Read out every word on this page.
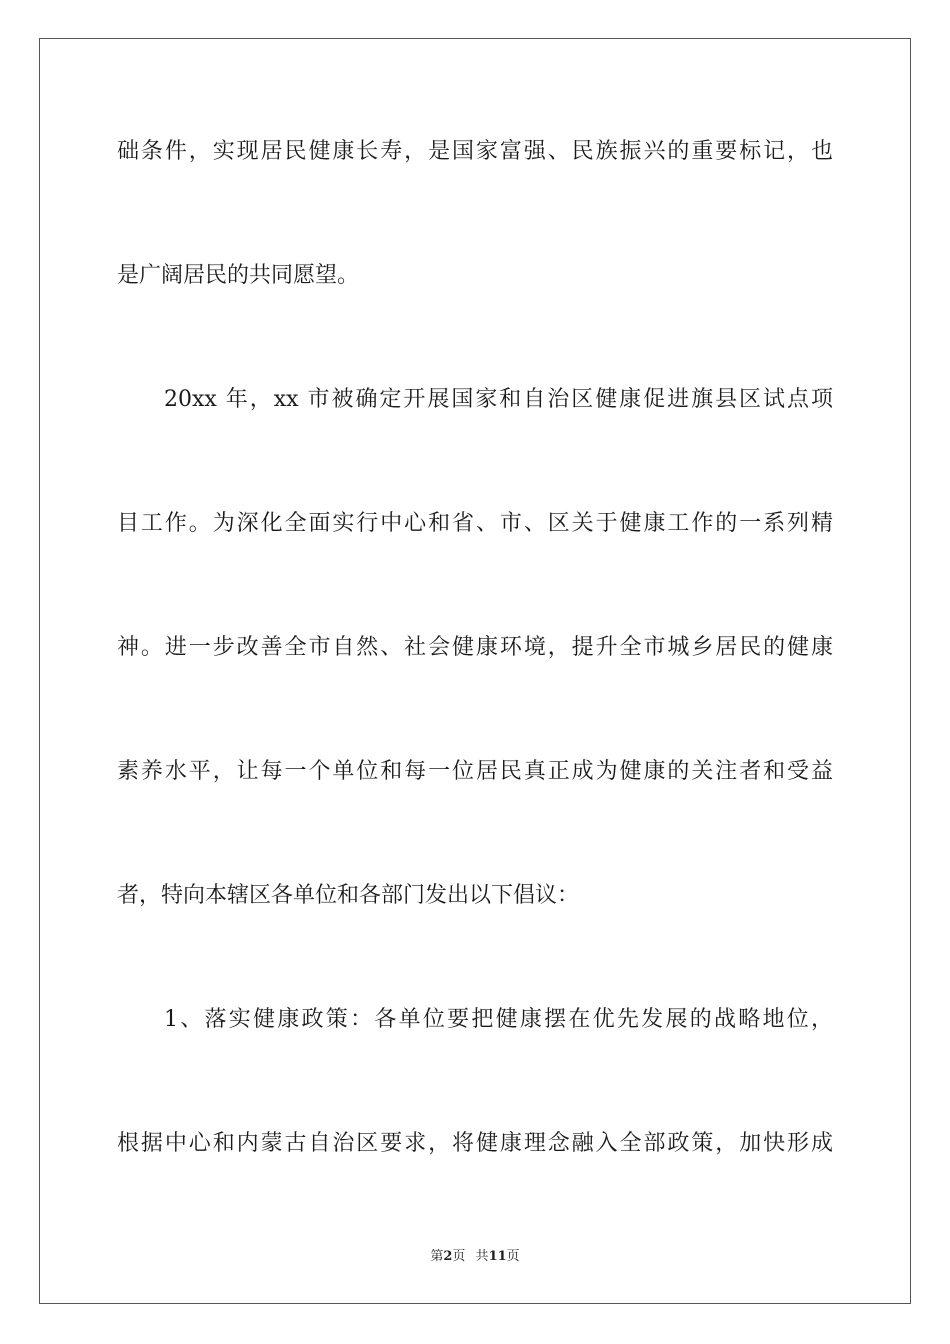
础条件，实现居民健康长寿，是国家富强、民族振兴的重要标记，也
是广阔居民的共同愿望。
20xx 年，xx 市被确定开展国家和自治区健康促进旗县区试点项
目工作。为深化全面实行中心和省、市、区关于健康工作的一系列精
神。进一步改善全市自然、社会健康环境，提升全市城乡居民的健康
素养水平，让每一个单位和每一位居民真正成为健康的关注者和受益
者，特向本辖区各单位和各部门发出以下倡议：
1、落实健康政策：各单位要把健康摆在优先发展的战略地位，
根据中心和内蒙古自治区要求，将健康理念融入全部政策，加快形成
第2页 共11页
